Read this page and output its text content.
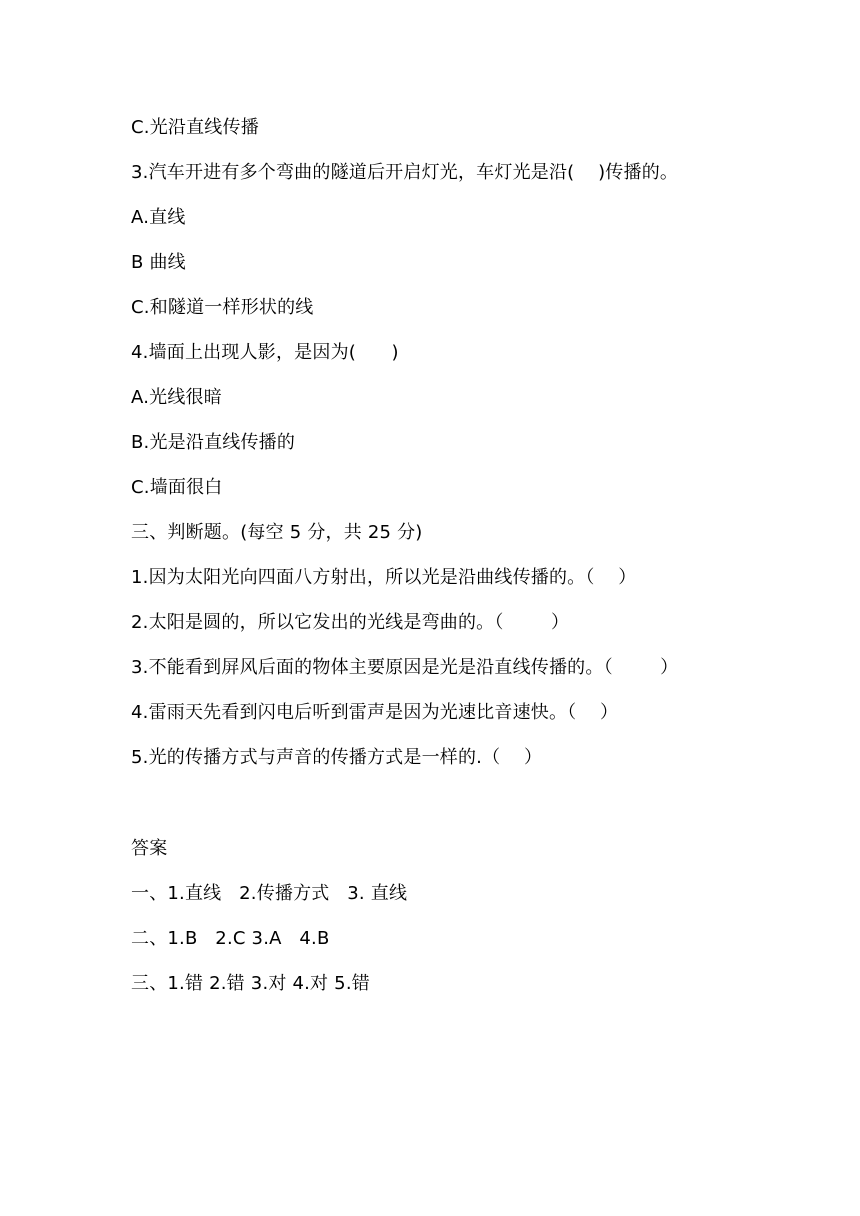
C.光沿直线传播
3.汽车开进有多个弯曲的隧道后开启灯光，车灯光是沿(    )传播的。
A.直线
B 曲线
C.和隧道一样形状的线
4.墙面上出现人影，是因为(      )
A.光线很暗
B.光是沿直线传播的
C.墙面很白
三、判断题。(每空 5 分，共 25 分)
1.因为太阳光向四面八方射出，所以光是沿曲线传播的。（    ）
2.太阳是圆的，所以它发出的光线是弯曲的。（        ）
3.不能看到屏风后面的物体主要原因是光是沿直线传播的。（        ）
4.雷雨天先看到闪电后听到雷声是因为光速比音速快。（    ）
5.光的传播方式与声音的传播方式是一样的.（    ）
答案
一、1.直线   2.传播方式   3. 直线
二、1.B   2.C 3.A   4.B
三、1.错 2.错 3.对 4.对 5.错
